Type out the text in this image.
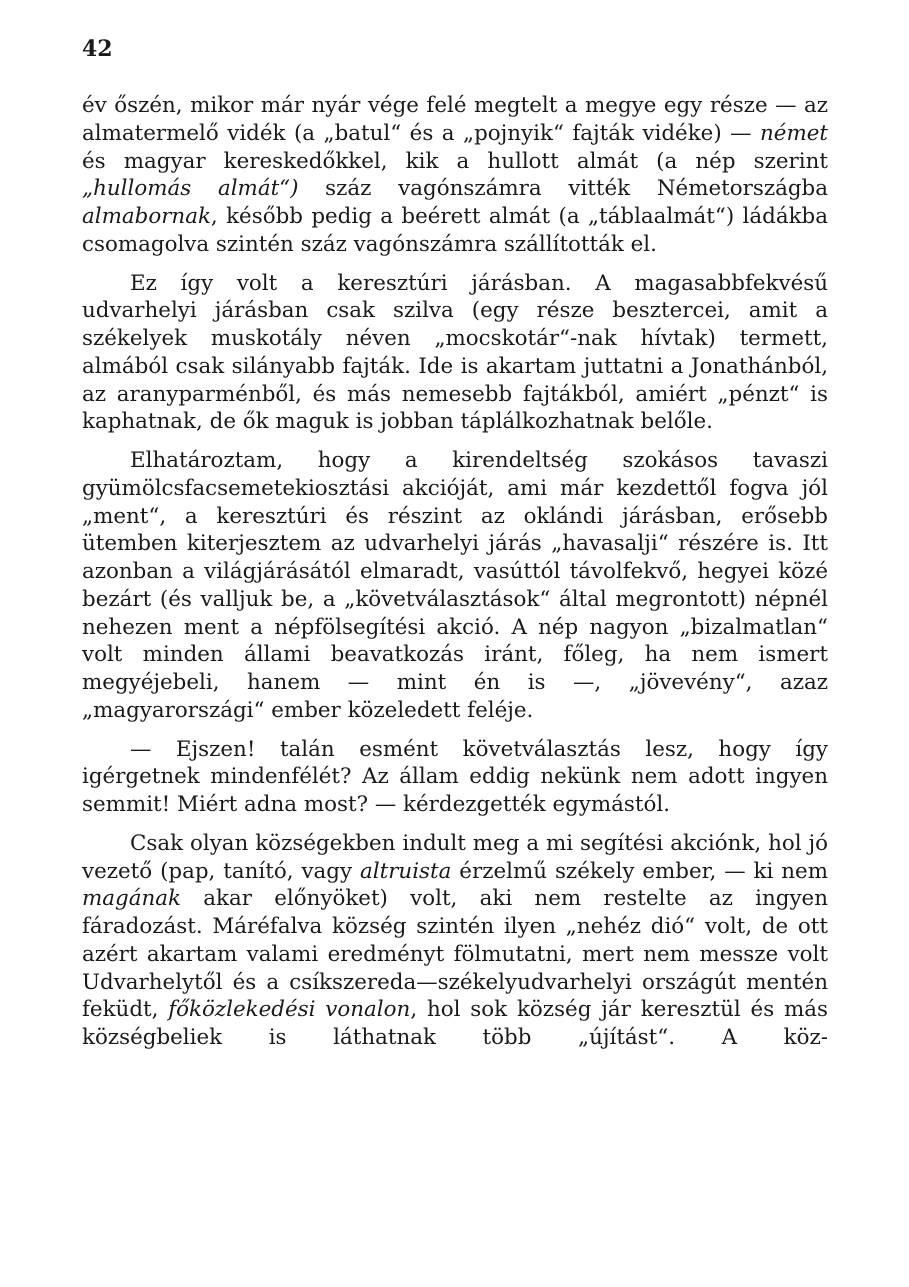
42

év őszén, mikor már nyár vége felé megtelt a megye egy része — az almatermelő vidék (a „batul“ és a „pojnyik“ fajták vidéke) — német és magyar kereskedőkkel, kik a hullott almát (a nép szerint „hullomás almát“) száz vagónszámra vitték Németországba almabornak, később pedig a beérett almát (a „táblaalmát“) ládákba csomagolva szintén száz vagónszámra szállították el.

Ez így volt a keresztúri járásban. A magasabbfekvésű udvarhelyi járásban csak szilva (egy része besztercei, amit a székelyek muskotály néven „mocskotár“-nak hívtak) termett, almából csak silányabb fajták. Ide is akartam juttatni a Jonathánból, az aranyparménből, és más nemesebb fajtákból, amiért „pénzt“ is kaphatnak, de ők maguk is jobban táplálkozhatnak belőle.

Elhatároztam, hogy a kirendeltség szokásos tavaszi gyümölcsfacsemetekiosztási akcióját, ami már kezdettől fogva jól „ment“, a keresztúri és részint az oklándi járásban, erősebb ütemben kiterjesztem az udvarhelyi járás „havasalji“ részére is. Itt azonban a világjárásától elmaradt, vasúttól távolfekvő, hegyei közé bezárt (és valljuk be, a „követválasztások“ által megrontott) népnél nehezen ment a népfölsegítési akció. A nép nagyon „bizalmatlan“ volt minden állami beavatkozás iránt, főleg, ha nem ismert megyéjebeli, hanem — mint én is —, „jövevény“, azaz „magyarországi“ ember közeledett feléje.

— Ejszen! talán esmént követválasztás lesz, hogy így igérgetnek mindenfélét? Az állam eddig nekünk nem adott ingyen semmit! Miért adna most? — kérdezgették egymástól.

Csak olyan községekben indult meg a mi segítési akciónk, hol jó vezető (pap, tanító, vagy altruista érzelmű székely ember, — ki nem magának akar előnyöket) volt, aki nem restelte az ingyen fáradozást. Máréfalva község szintén ilyen „nehéz dió“ volt, de ott azért akartam valami eredményt fölmutatni, mert nem messze volt Udvarhelytől és a csíkszereda—székelyudvarhelyi országút mentén feküdt, főközlekedési vonalon, hol sok község jár keresztül és más községbeliek is láthatnak több „újítást“. A köz-
